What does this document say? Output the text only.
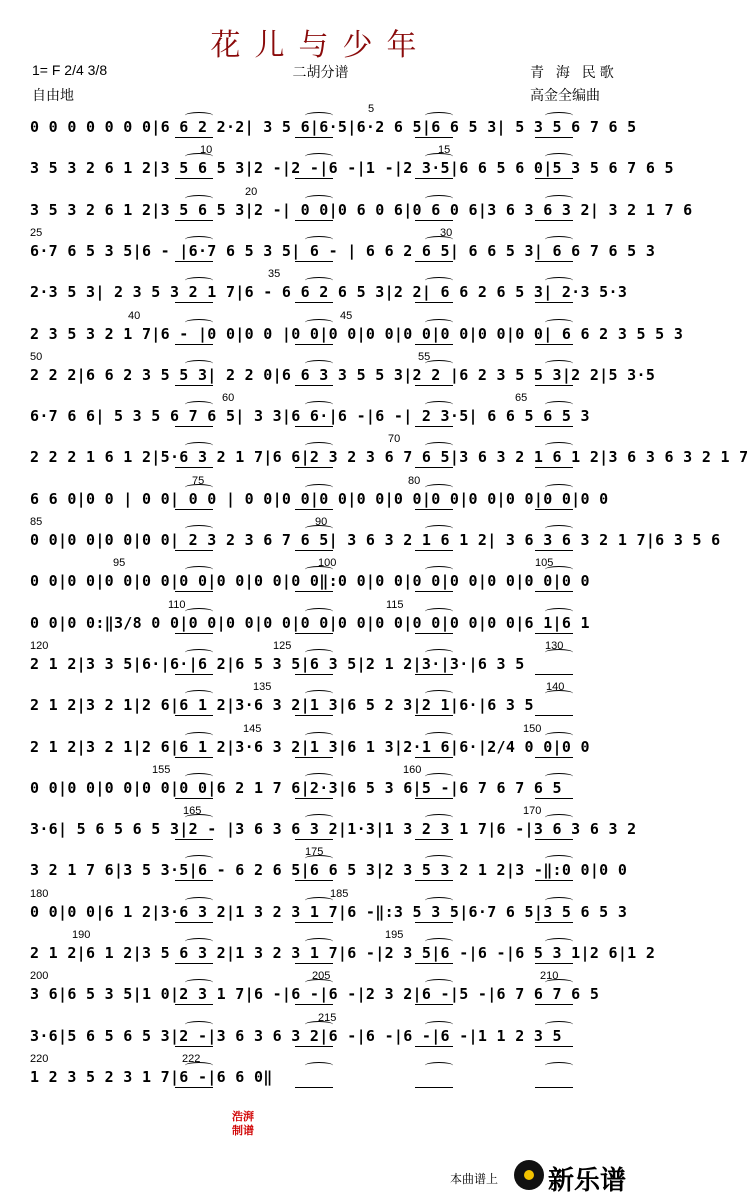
花儿与少年
1= F 2/4 3/8
自由地
二胡分谱	青 海 民歌
高金全编曲
0 0 0 0 0 0 0|6 6 2 2·2| 3 5 6|6·5|6·2 6 5|6 6 5 3| 5 3 5 6 7 6 5
5
3 5 3 2 6 1 2|3 5 6 5 3|2 -|2 -|6 -|1 -|2 3·5|6 6 5 6 0|5 3 5 6 7 6 5
10	15
3 5 3 2 6 1 2|3 5 6 5 3|2 -| 0 0|0 6 0 6|0 6 0 6|3 6 3 6 3 2| 3 2 1 7 6
20
6·7 6 5 3 5|6 - |6·7 6 5 3 5| 6 - | 6 6 2 6 5| 6 6 5 3| 6 6 7 6 5 3
25	30
2·3 5 3| 2 3 5 3 2 1 7|6 - 6 6 2 6 5 3|2 2| 6 6 2 6 5 3| 2·3 5·3
35
2 3 5 3 2 1 7|6 - |0 0|0 0 |0 0|0 0|0 0|0 0|0 0|0 0|0 0| 6 6 2 3 5 5 3
40	45
2 2 2|6 6 2 3 5 5 3| 2 2 0|6 6 3 3 5 5 3|2 2 |6 2 3 5 5 3|2 2|5 3·5
50	55
6·7 6 6| 5 3 5 6 7 6 5| 3 3|6 6·|6 -|6 -| 2 3·5| 6 6 5 6 5 3
60	65
2 2 2 1 6 1 2|5·6 3 2 1 7|6 6|2 3 2 3 6 7 6 5|3 6 3 2 1 6 1 2|3 6 3 6 3 2 1 7
70
6 6 0|0 0 | 0 0| 0 0 | 0 0|0 0|0 0|0 0|0 0|0 0|0 0|0 0|0 0|0 0
75	80
0 0|0 0|0 0|0 0| 2 3 2 3 6 7 6 5| 3 6 3 2 1 6 1 2| 3 6 3 6 3 2 1 7|6 3 5 6
85	90
0 0|0 0|0 0|0 0|0 0|0 0|0 0|0 0‖:0 0|0 0|0 0|0 0|0 0|0 0|0 0
95	100	105
0 0|0 0:‖3/8 0 0|0 0|0 0|0 0|0 0|0 0|0 0|0 0|0 0|0 0|6 1|6 1
110	115
2 1 2|3 3 5|6·|6·|6 2|6 5 3 5|6 3 5|2 1 2|3·|3·|6 3 5
120	125	130
2 1 2|3 2 1|2 6|6 1 2|3·6 3 2|1 3|6 5 2 3|2 1|6·|6 3 5
135	140
2 1 2|3 2 1|2 6|6 1 2|3·6 3 2|1 3|6 1 3|2·1 6|6·|2/4 0 0|0 0
145	150
0 0|0 0|0 0|0 0|0 0|6 2 1 7 6|2·3|6 5 3 6|5 -|6 7 6 7 6 5
155	160
3·6| 5 6 5 6 5 3|2 - |3 6 3 6 3 2|1·3|1 3 2 3 1 7|6 -|3 6 3 6 3 2
165	170
3 2 1 7 6|3 5 3·5|6 - 6 2 6 5|6 6 5 3|2 3 5 3 2 1 2|3 -‖:0 0|0 0
175
0 0|0 0|6 1 2|3·6 3 2|1 3 2 3 1 7|6 -‖:3 5 3 5|6·7 6 5|3 5 6 5 3
180	185
2 1 2|6 1 2|3 5 6 3 2|1 3 2 3 1 7|6 -|2 3 5|6 -|6 -|6 5 3 1|2 6|1 2
190	195
3 6|6 5 3 5|1 0|2 3 1 7|6 -|6 -|6 -|2 3 2|6 -|5 -|6 7 6 7 6 5
200	205	210
3·6|5 6 5 6 5 3|2 -|3 6 3 6 3 2|6 -|6 -|6 -|6 -|1 1 2 3 5
215
1 2 3 5 2 3 1 7|6 -|6 6 0‖
220	222
浩湃制谱
本曲谱上 新乐谱
